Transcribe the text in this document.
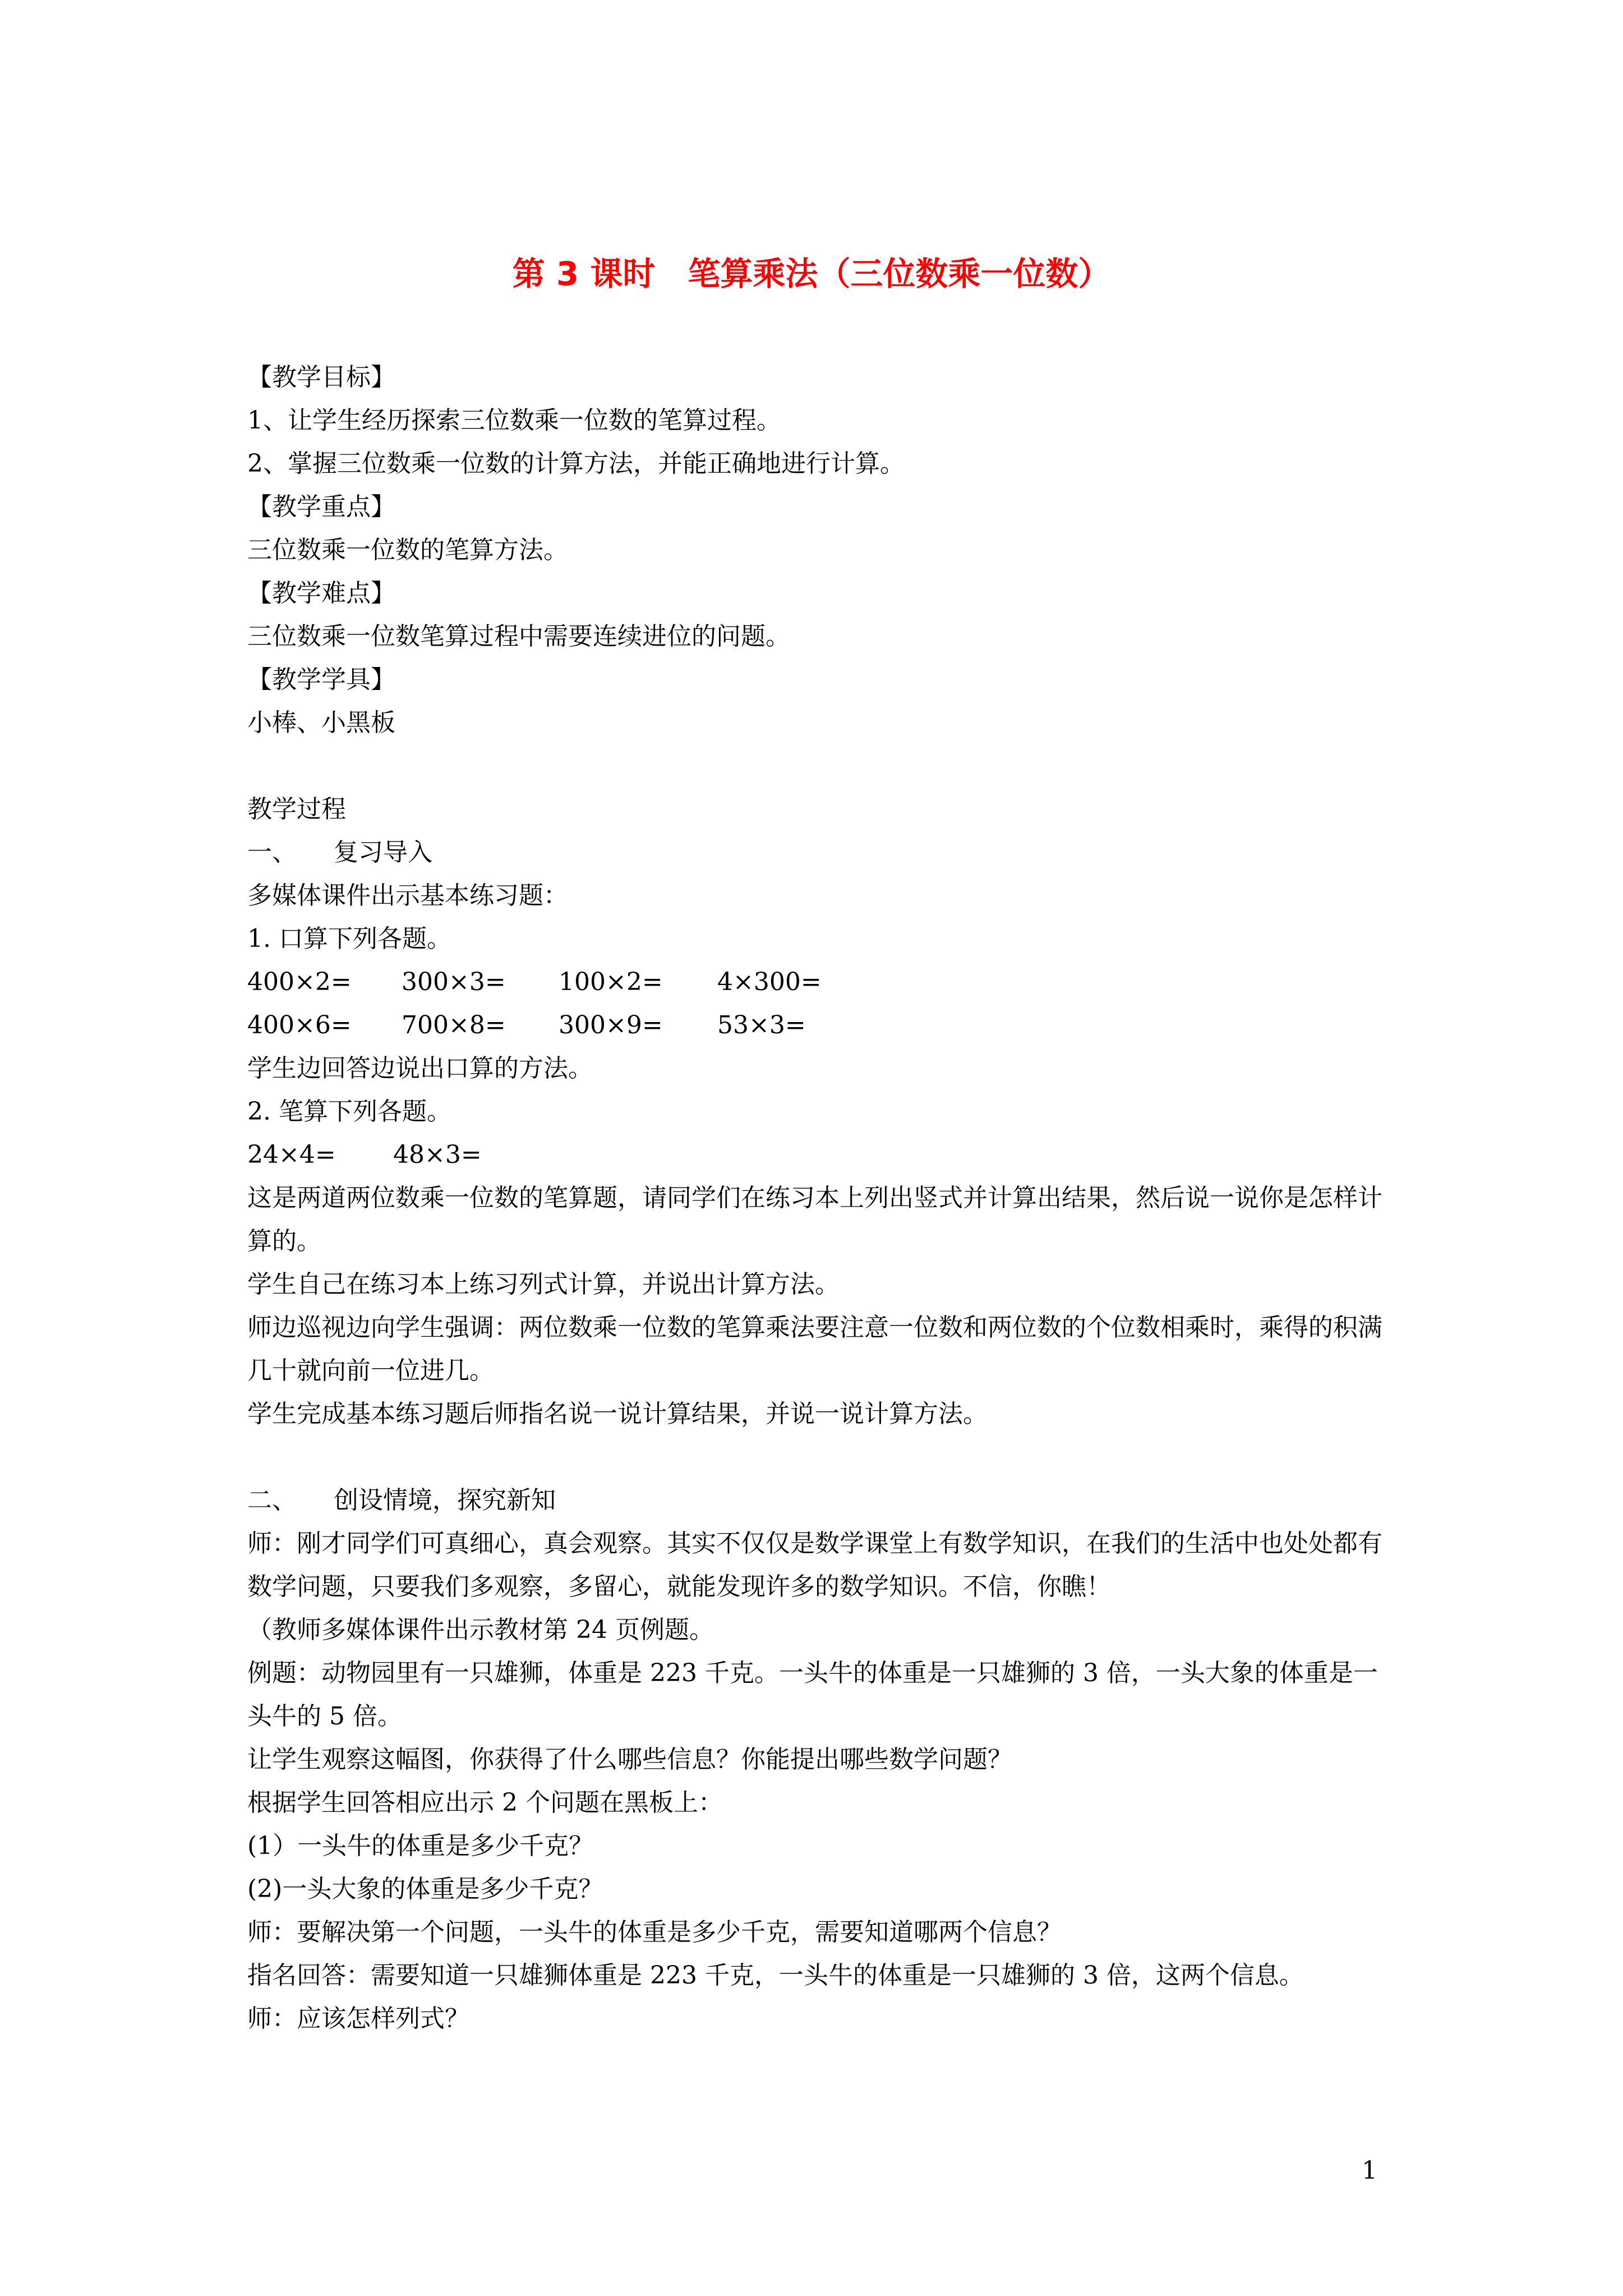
第 3 课时　笔算乘法（三位数乘一位数）
【教学目标】
1、让学生经历探索三位数乘一位数的笔算过程。
2、掌握三位数乘一位数的计算方法，并能正确地进行计算。
【教学重点】
三位数乘一位数的笔算方法。
【教学难点】
三位数乘一位数笔算过程中需要连续进位的问题。
【教学学具】
小棒、小黑板
教学过程
一、　　复习导入
多媒体课件出示基本练习题：
1. 口算下列各题。
400×2=	300×3=	100×2=	4×300=
400×6=	700×8=	300×9=	53×3=
学生边回答边说出口算的方法。
2. 笔算下列各题。
24×4=	48×3=
这是两道两位数乘一位数的笔算题，请同学们在练习本上列出竖式并计算出结果，然后说一说你是怎样计算的。
学生自己在练习本上练习列式计算，并说出计算方法。
师边巡视边向学生强调：两位数乘一位数的笔算乘法要注意一位数和两位数的个位数相乘时，乘得的积满几十就向前一位进几。
学生完成基本练习题后师指名说一说计算结果，并说一说计算方法。
二、　　创设情境，探究新知
师：刚才同学们可真细心，真会观察。其实不仅仅是数学课堂上有数学知识，在我们的生活中也处处都有数学问题，只要我们多观察，多留心，就能发现许多的数学知识。不信，你瞧！
（教师多媒体课件出示教材第 24 页例题。
例题：动物园里有一只雄狮，体重是 223 千克。一头牛的体重是一只雄狮的 3 倍，一头大象的体重是一头牛的 5 倍。
让学生观察这幅图，你获得了什么哪些信息？你能提出哪些数学问题？
根据学生回答相应出示 2 个问题在黑板上：
(1）一头牛的体重是多少千克？
(2)一头大象的体重是多少千克？
师：要解决第一个问题，一头牛的体重是多少千克，需要知道哪两个信息？
指名回答：需要知道一只雄狮体重是 223 千克，一头牛的体重是一只雄狮的 3 倍，这两个信息。
师：应该怎样列式？
1
